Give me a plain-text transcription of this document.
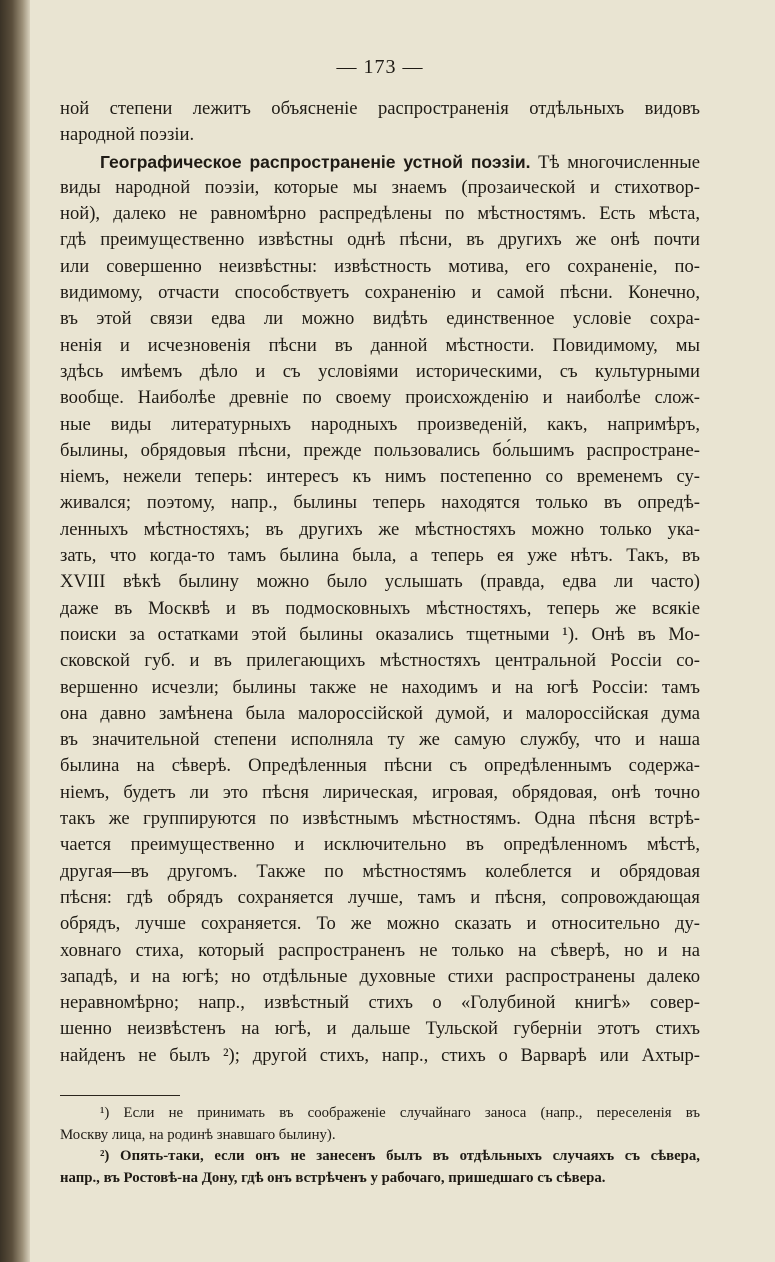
— 173 —
ной степени лежитъ объясненіе распространенія отдѣльныхъ видовъ
народной поэзіи.
Географическое распространеніе устной поэзіи. Тѣ многочисленные
виды народной поэзіи, которые мы знаемъ (прозаической и стихотвор-
ной), далеко не равномѣрно распредѣлены по мѣстностямъ. Есть мѣста,
гдѣ преимущественно извѣстны однѣ пѣсни, въ другихъ же онѣ почти
или совершенно неизвѣстны: извѣстность мотива, его сохраненіе, по-
видимому, отчасти способствуетъ сохраненію и самой пѣсни. Конечно,
въ этой связи едва ли можно видѣть единственное условіе сохра-
ненія и исчезновенія пѣсни въ данной мѣстности. Повидимому, мы
здѣсь имѣемъ дѣло и съ условіями историческими, съ культурными
вообще. Наиболѣе древніе по своему происхожденію и наиболѣе слож-
ные виды литературныхъ народныхъ произведеній, какъ, напримѣръ,
былины, обрядовыя пѣсни, прежде пользовались бо́льшимъ распростране-
ніемъ, нежели теперь: интересъ къ нимъ постепенно со временемъ су-
живался; поэтому, напр., былины теперь находятся только въ опредѣ-
ленныхъ мѣстностяхъ; въ другихъ же мѣстностяхъ можно только ука-
зать, что когда-то тамъ былина была, а теперь ея уже нѣтъ. Такъ, въ
XVIII вѣкѣ былину можно было услышать (правда, едва ли часто)
даже въ Москвѣ и въ подмосковныхъ мѣстностяхъ, теперь же всякіе
поиски за остатками этой былины оказались тщетными ¹). Онѣ въ Мо-
сковской губ. и въ прилегающихъ мѣстностяхъ центральной Россіи со-
вершенно исчезли; былины также не находимъ и на югѣ Россіи: тамъ
она давно замѣнена была малороссійской думой, и малороссійская дума
въ значительной степени исполняла ту же самую службу, что и наша
былина на сѣверѣ. Опредѣленныя пѣсни съ опредѣленнымъ содержа-
ніемъ, будетъ ли это пѣсня лирическая, игровая, обрядовая, онѣ точно
такъ же группируются по извѣстнымъ мѣстностямъ. Одна пѣсня встрѣ-
чается преимущественно и исключительно въ опредѣленномъ мѣстѣ,
другая—въ другомъ. Также по мѣстностямъ колеблется и обрядовая
пѣсня: гдѣ обрядъ сохраняется лучше, тамъ и пѣсня, сопровождающая
обрядъ, лучше сохраняется. То же можно сказать и относительно ду-
ховнаго стиха, который распространенъ не только на сѣверѣ, но и на
западѣ, и на югѣ; но отдѣльные духовные стихи распространены далеко
неравномѣрно; напр., извѣстный стихъ о «Голубиной книгѣ» совер-
шенно неизвѣстенъ на югѣ, и дальше Тульской губерніи этотъ стихъ
найденъ не былъ ²); другой стихъ, напр., стихъ о Варварѣ или Ахтыр-
¹) Если не принимать въ соображеніе случайнаго заноса (напр., переселенія въ
Москву лица, на родинѣ знавшаго былину).
²) Опять-таки, если онъ не занесенъ былъ въ отдѣльныхъ случаяхъ съ сѣвера,
напр., въ Ростовѣ-на Дону, гдѣ онъ встрѣченъ у рабочаго, пришедшаго съ сѣвера.
